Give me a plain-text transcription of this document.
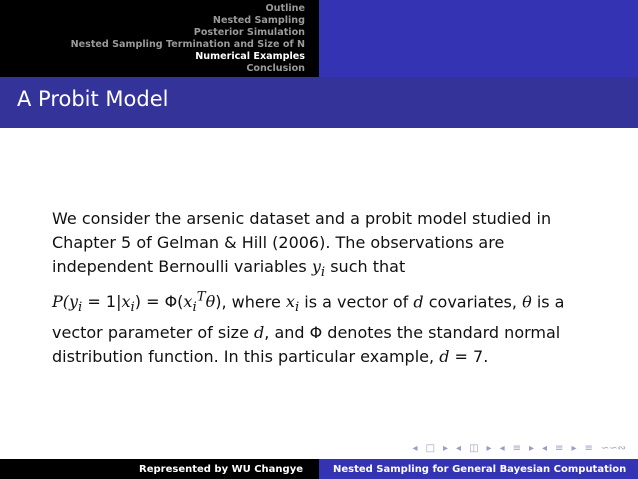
Outline
Nested Sampling
Posterior Simulation
Nested Sampling Termination and Size of N
Numerical Examples
Conclusion
A Probit Model

We consider the arsenic dataset and a probit model studied in

Chapter 5 of Gelman & Hill (2006). The observations are

independent Bernoulli variables $y_i$ such that

$P(y_i = 1|x_i) = \Phi(x_i^T\theta)$, where $x_i$ is a vector of d covariates, θ is a

vector parameter of size d, and Φ denotes the standard normal

distribution function. In this particular example, d = 7.

◂ □ ▸ ◂ ◫ ▸ ◂ ≡ ▸ ◂ ≡ ▸ ≡ ∽∽∾
Represented by WU Changye	Nested Sampling for General Bayesian Computation
